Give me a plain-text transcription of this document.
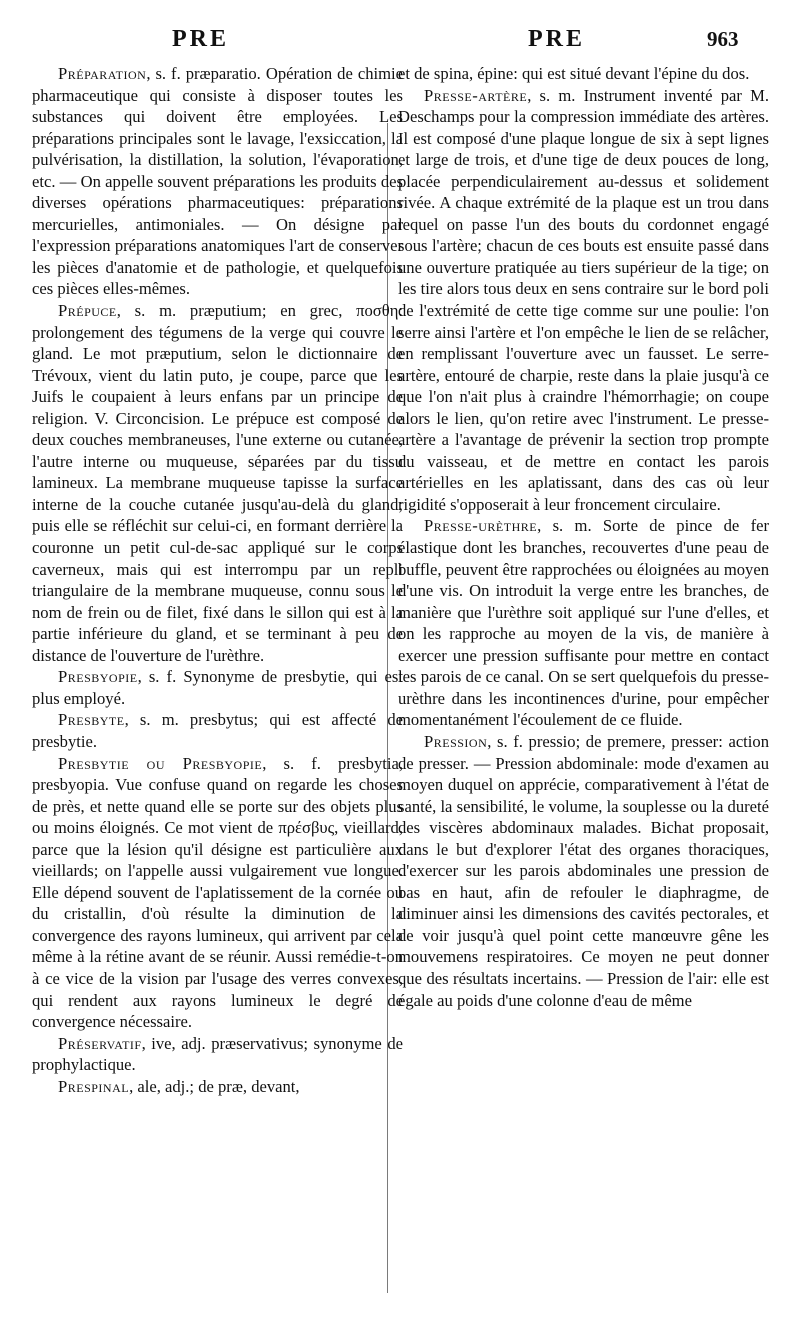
PRE	PRE	963

Préparation, s. f. præparatio. Opération de chimie pharmaceutique qui consiste à disposer toutes les substances qui doivent être employées. Les préparations principales sont le lavage, l'exsiccation, la pulvérisation, la distillation, la solution, l'évaporation, etc. — On appelle souvent préparations les produits des diverses opérations pharmaceutiques: préparations mercurielles, antimoniales. — On désigne par l'expression préparations anatomiques l'art de conserver les pièces d'anatomie et de pathologie, et quelquefois ces pièces elles-mêmes.

Prépuce, s. m. præputium; en grec, ποσθη: prolongement des tégumens de la verge qui couvre le gland. Le mot præputium, selon le dictionnaire de Trévoux, vient du latin puto, je coupe, parce que les Juifs le coupaient à leurs enfans par un principe de religion. V. Circoncision. Le prépuce est composé de deux couches membraneuses, l'une externe ou cutanée, l'autre interne ou muqueuse, séparées par du tissu lamineux. La membrane muqueuse tapisse la surface interne de la couche cutanée jusqu'au-delà du gland; puis elle se réfléchit sur celui-ci, en formant derrière la couronne un petit cul-de-sac appliqué sur le corps caverneux, mais qui est interrompu par un repli triangulaire de la membrane muqueuse, connu sous le nom de frein ou de filet, fixé dans le sillon qui est à la partie inférieure du gland, et se terminant à peu de distance de l'ouverture de l'urèthre.

Presbyopie, s. f. Synonyme de presbytie, qui est plus employé.

Presbyte, s. m. presbytus; qui est affecté de presbytie.

Presbytie ou Presbyopie, s. f. presbytia, presbyopia. Vue confuse quand on regarde les choses de près, et nette quand elle se porte sur des objets plus ou moins éloignés. Ce mot vient de πρέσβυς, vieillard, parce que la lésion qu'il désigne est particulière aux vieillards; on l'appelle aussi vulgairement vue longue. Elle dépend souvent de l'aplatissement de la cornée ou du cristallin, d'où résulte la diminution de la convergence des rayons lumineux, qui arrivent par cela même à la rétine avant de se réunir. Aussi remédie-t-on à ce vice de la vision par l'usage des verres convexes, qui rendent aux rayons lumineux le degré de convergence nécessaire.

Préservatif, ive, adj. præservativus; synonyme de prophylactique.

Prespinal, ale, adj.; de præ, devant,

et de spina, épine: qui est situé devant l'épine du dos.

Presse-artère, s. m. Instrument inventé par M. Deschamps pour la compression immédiate des artères. Il est composé d'une plaque longue de six à sept lignes et large de trois, et d'une tige de deux pouces de long, placée perpendiculairement au-dessus et solidement rivée. A chaque extrémité de la plaque est un trou dans lequel on passe l'un des bouts du cordonnet engagé sous l'artère; chacun de ces bouts est ensuite passé dans une ouverture pratiquée au tiers supérieur de la tige; on les tire alors tous deux en sens contraire sur le bord poli de l'extrémité de cette tige comme sur une poulie: l'on serre ainsi l'artère et l'on empêche le lien de se relâcher, en remplissant l'ouverture avec un fausset. Le serre-artère, entouré de charpie, reste dans la plaie jusqu'à ce que l'on n'ait plus à craindre l'hémorrhagie; on coupe alors le lien, qu'on retire avec l'instrument. Le presse-artère a l'avantage de prévenir la section trop prompte du vaisseau, et de mettre en contact les parois artérielles en les aplatissant, dans des cas où leur rigidité s'opposerait à leur froncement circulaire.

Presse-urèthre, s. m. Sorte de pince de fer élastique dont les branches, recouvertes d'une peau de buffle, peuvent être rapprochées ou éloignées au moyen d'une vis. On introduit la verge entre les branches, de manière que l'urèthre soit appliqué sur l'une d'elles, et on les rapproche au moyen de la vis, de manière à exercer une pression suffisante pour mettre en contact les parois de ce canal. On se sert quelquefois du presse-urèthre dans les incontinences d'urine, pour empêcher momentanément l'écoulement de ce fluide.

Pression, s. f. pressio; de premere, presser: action de presser. — Pression abdominale: mode d'examen au moyen duquel on apprécie, comparativement à l'état de santé, la sensibilité, le volume, la souplesse ou la dureté des viscères abdominaux malades. Bichat proposait, dans le but d'explorer l'état des organes thoraciques, d'exercer sur les parois abdominales une pression de bas en haut, afin de refouler le diaphragme, de diminuer ainsi les dimensions des cavités pectorales, et de voir jusqu'à quel point cette manœuvre gêne les mouvemens respiratoires. Ce moyen ne peut donner que des résultats incertains. — Pression de l'air: elle est égale au poids d'une colonne d'eau de même
